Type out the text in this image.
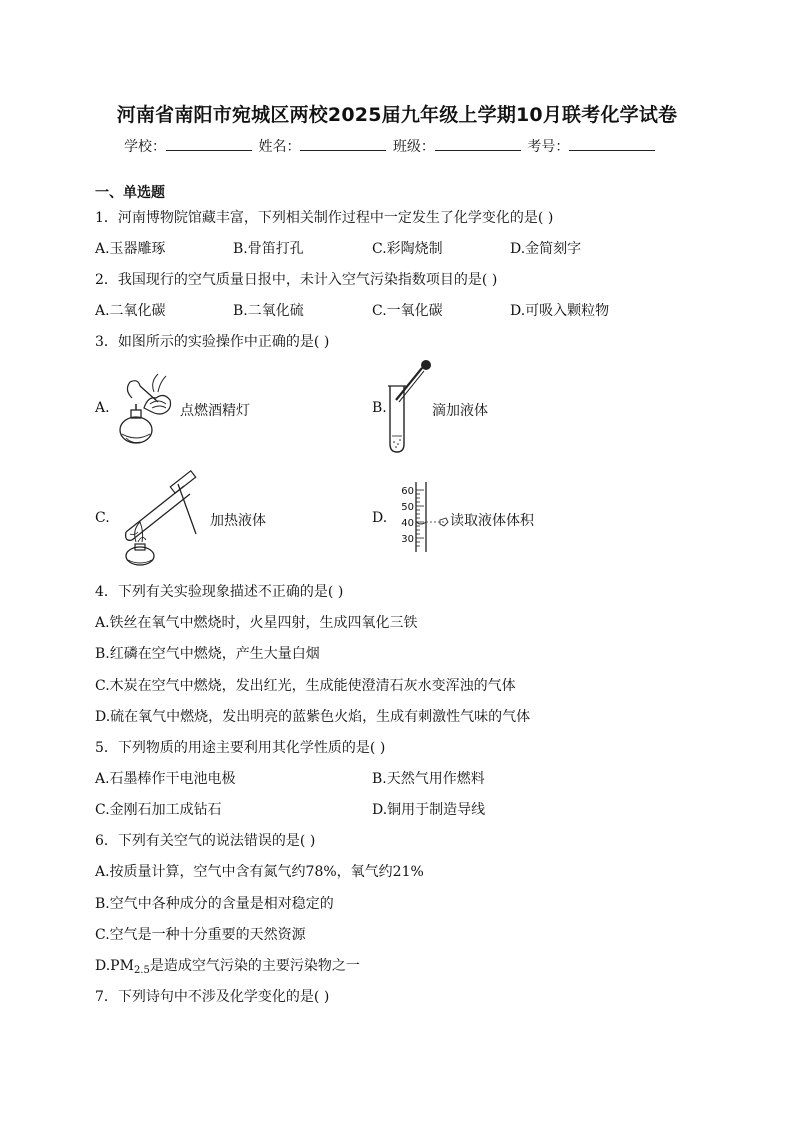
河南省南阳市宛城区两校2025届九年级上学期10月联考化学试卷
学校：	姓名：	班级：	考号：
一、单选题
1．河南博物院馆藏丰富，下列相关制作过程中一定发生了化学变化的是( )
A.玉器雕琢	B.骨笛打孔	C.彩陶烧制	D.金简刻字
2．我国现行的空气质量日报中，未计入空气污染指数项目的是( )
A.二氧化碳	B.二氧化硫	C.一氧化碳	D.可吸入颗粒物
3．如图所示的实验操作中正确的是( )
A.	点燃酒精灯	B.	滴加液体
C.	加热液体	D.
60
50
40
30
读取液体体积
4．下列有关实验现象描述不正确的是( )
A.铁丝在氧气中燃烧时，火星四射，生成四氧化三铁
B.红磷在空气中燃烧，产生大量白烟
C.木炭在空气中燃烧，发出红光，生成能使澄清石灰水变浑浊的气体
D.硫在氧气中燃烧，发出明亮的蓝紫色火焰，生成有刺激性气味的气体
5．下列物质的用途主要利用其化学性质的是( )
A.石墨棒作干电池电极	B.天然气用作燃料
C.金刚石加工成钻石	D.铜用于制造导线
6．下列有关空气的说法错误的是( )
A.按质量计算，空气中含有氮气约78%，氧气约21%
B.空气中各种成分的含量是相对稳定的
C.空气是一种十分重要的天然资源
$D.PM_{2.5}$是造成空气污染的主要污染物之一
7．下列诗句中不涉及化学变化的是( )
